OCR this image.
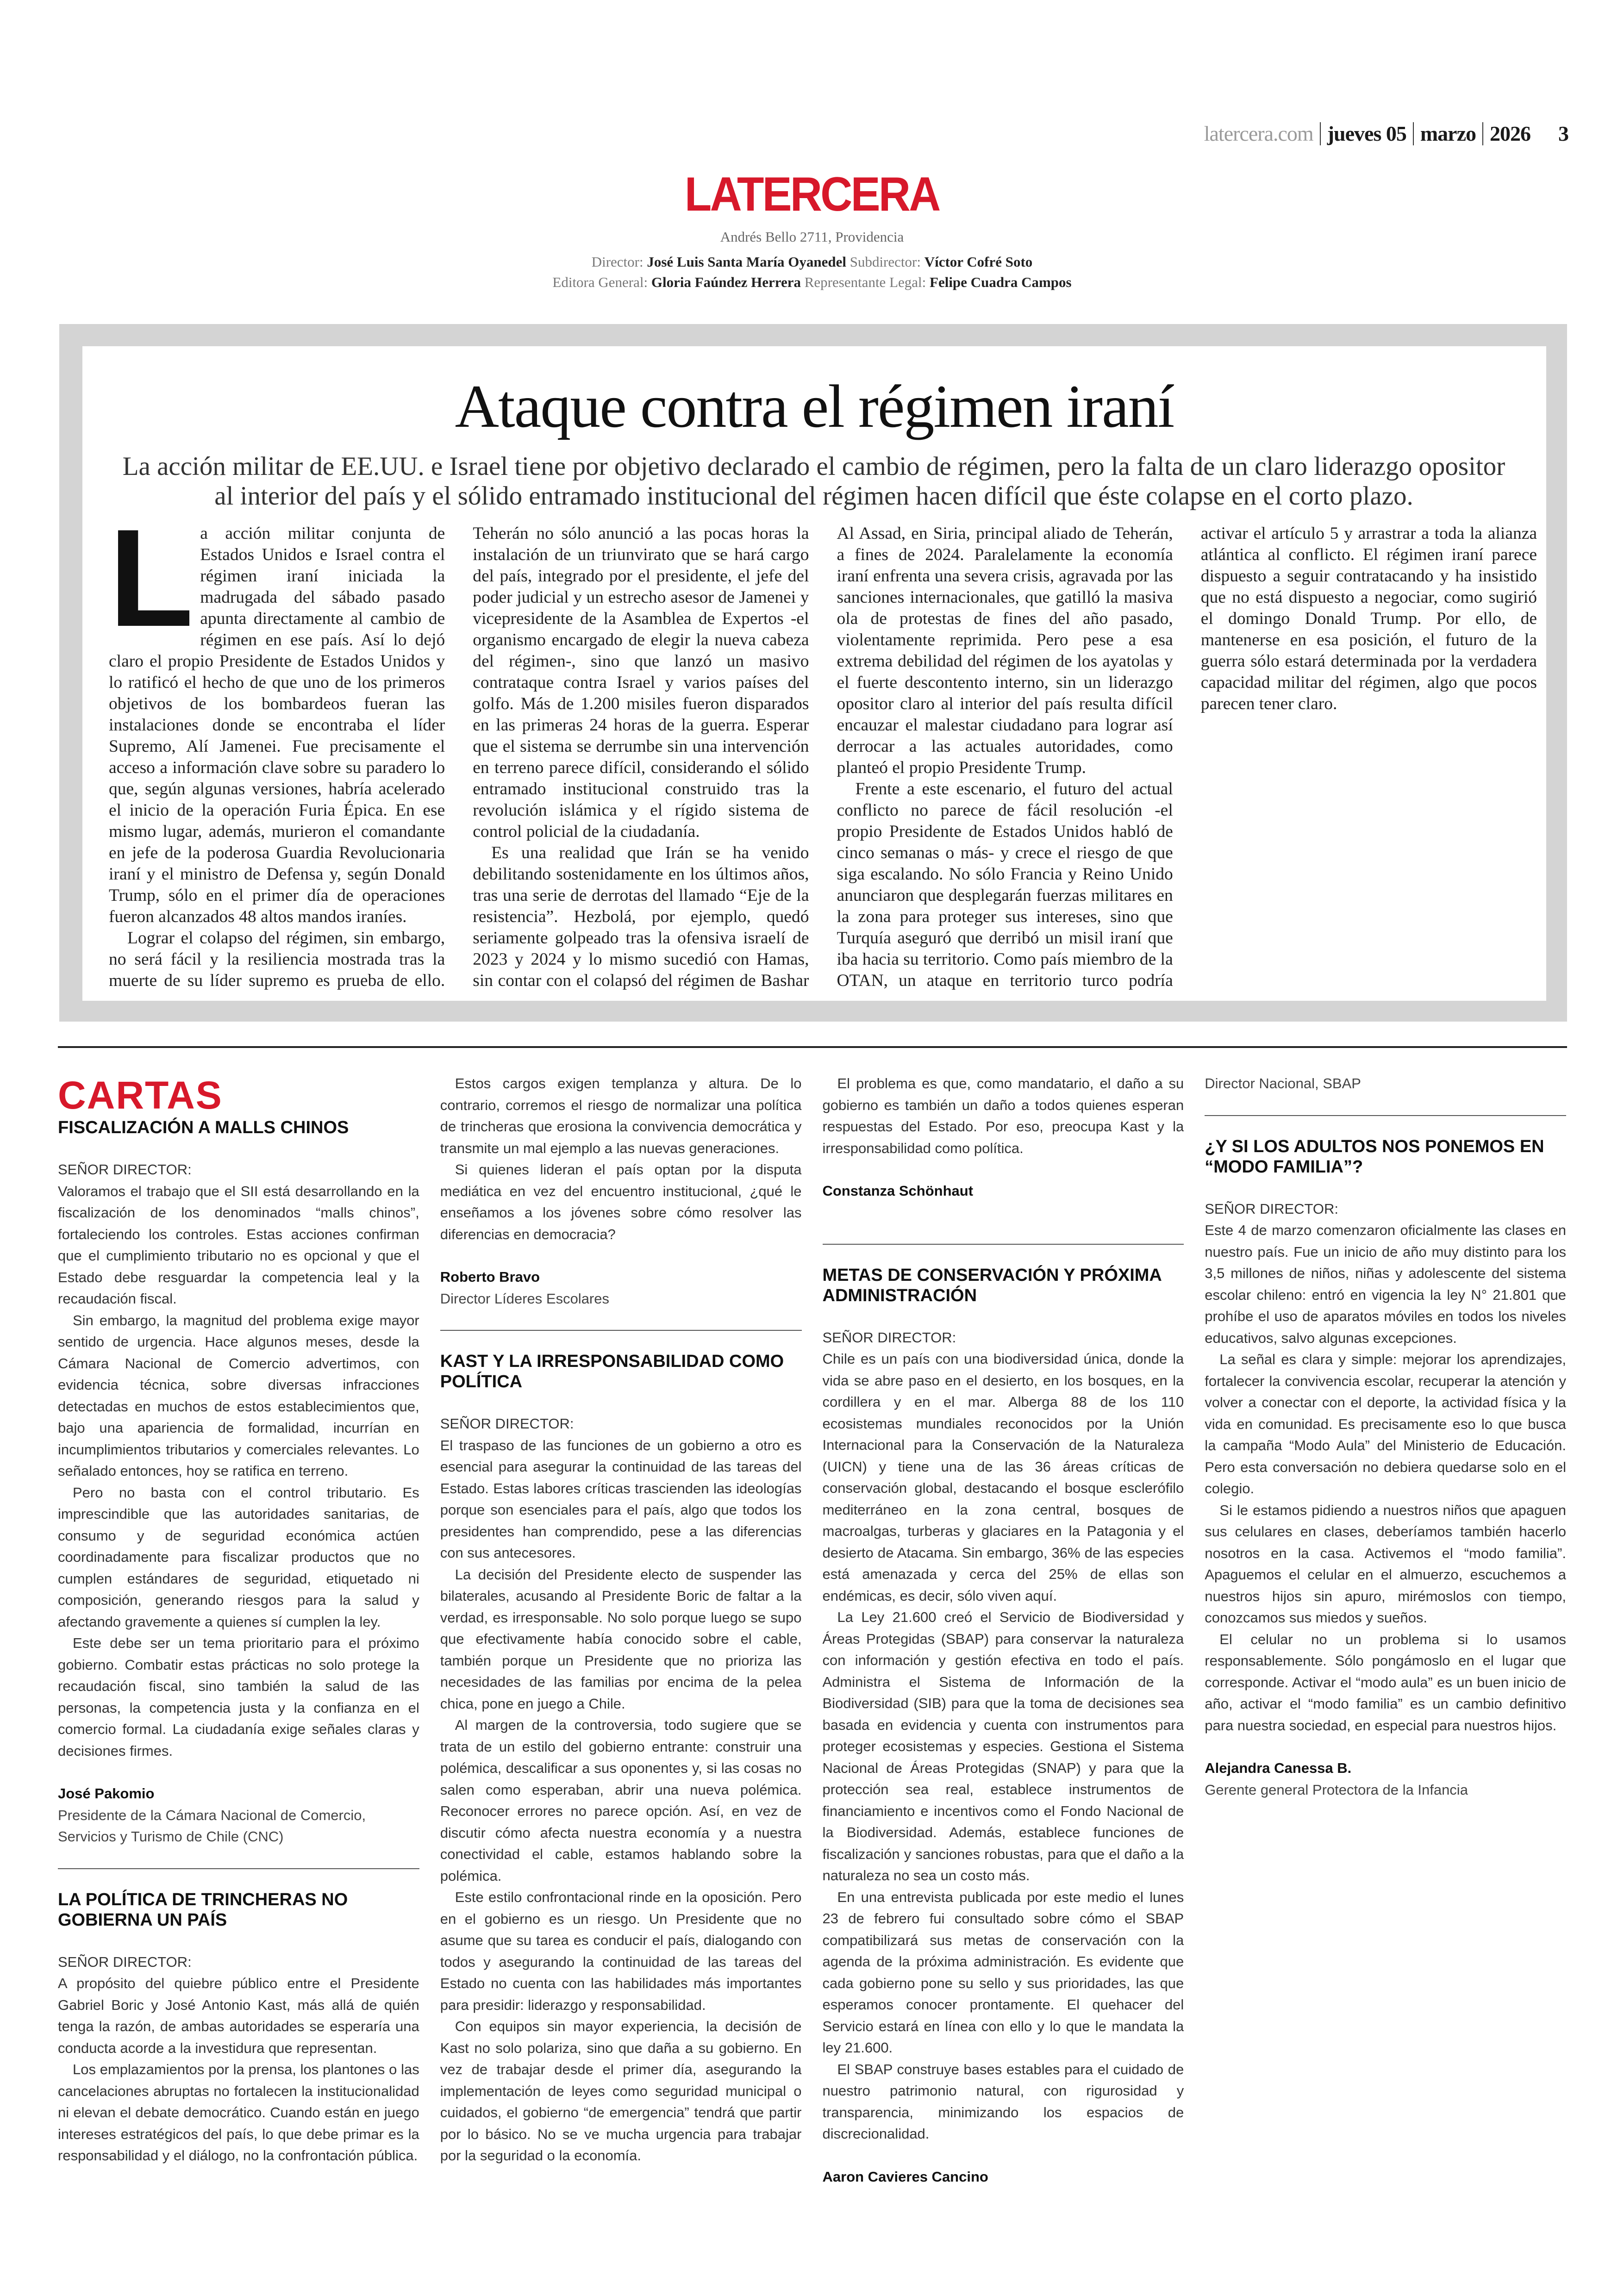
latercera.com jueves 05 marzo 2026 3
LATERCERA
Andrés Bello 2711, Providencia
Director: José Luis Santa María Oyanedel Subdirector: Víctor Cofré Soto
Editora General: Gloria Faúndez Herrera Representante Legal: Felipe Cuadra Campos
Ataque contra el régimen iraní
La acción militar de EE.UU. e Israel tiene por objetivo declarado el cambio de régimen, pero la falta de un claro liderazgo opositor al interior del país y el sólido entramado institucional del régimen hacen difícil que éste colapse en el corto plazo.

La acción militar conjunta de Estados Unidos e Israel contra el régimen iraní iniciada la madrugada del sábado pasado apunta directamente al cambio de régimen en ese país. Así lo dejó claro el propio Presidente de Estados Unidos y lo ratificó el hecho de que uno de los primeros objetivos de los bombardeos fueran las instalaciones donde se encontraba el líder Supremo, Alí Jamenei. Fue precisamente el acceso a información clave sobre su paradero lo que, según algunas versiones, habría acelerado el inicio de la operación Furia Épica. En ese mismo lugar, además, murieron el comandante en jefe de la poderosa Guardia Revolucionaria iraní y el ministro de Defensa y, según Donald Trump, sólo en el primer día de operaciones fueron alcanzados 48 altos mandos iraníes.

Lograr el colapso del régimen, sin embargo, no será fácil y la resiliencia mostrada tras la muerte de su líder supremo es prueba de ello. Teherán no sólo anunció a las pocas horas la instalación de un triunvirato que se hará cargo del país, integrado por el presidente, el jefe del poder judicial y un estrecho asesor de Jamenei y vicepresidente de la Asamblea de Expertos -el organismo encargado de elegir la nueva cabeza del régimen-, sino que lanzó un masivo contrataque contra Israel y varios países del golfo. Más de 1.200 misiles fueron disparados en las primeras 24 horas de la guerra. Esperar que el sistema se derrumbe sin una intervención en terreno parece difícil, considerando el sólido entramado institucional construido tras la revolución islámica y el rígido sistema de control policial de la ciudadanía.

Es una realidad que Irán se ha venido debilitando sostenidamente en los últimos años, tras una serie de derrotas del llamado “Eje de la resistencia”. Hezbolá, por ejemplo, quedó seriamente golpeado tras la ofensiva israelí de 2023 y 2024 y lo mismo sucedió con Hamas, sin contar con el colapsó del régimen de Bashar Al Assad, en Siria, principal aliado de Teherán, a fines de 2024. Paralelamente la economía iraní enfrenta una severa crisis, agravada por las sanciones internacionales, que gatilló la masiva ola de protestas de fines del año pasado, violentamente reprimida. Pero pese a esa extrema debilidad del régimen de los ayatolas y el fuerte descontento interno, sin un liderazgo opositor claro al interior del país resulta difícil encauzar el malestar ciudadano para lograr así derrocar a las actuales autoridades, como planteó el propio Presidente Trump.

Frente a este escenario, el futuro del actual conflicto no parece de fácil resolución -el propio Presidente de Estados Unidos habló de cinco semanas o más- y crece el riesgo de que siga escalando. No sólo Francia y Reino Unido anunciaron que desplegarán fuerzas militares en la zona para proteger sus intereses, sino que Turquía aseguró que derribó un misil iraní que iba hacia su territorio. Como país miembro de la OTAN, un ataque en territorio turco podría activar el artículo 5 y arrastrar a toda la alianza atlántica al conflicto. El régimen iraní parece dispuesto a seguir contratacando y ha insistido que no está dispuesto a negociar, como sugirió el domingo Donald Trump. Por ello, de mantenerse en esa posición, el futuro de la guerra sólo estará determinada por la verdadera capacidad militar del régimen, algo que pocos parecen tener claro.

CARTAS
FISCALIZACIÓN A MALLS CHINOS
SEÑOR DIRECTOR:

Valoramos el trabajo que el SII está desarrollando en la fiscalización de los denominados “malls chinos”, fortaleciendo los controles. Estas acciones confirman que el cumplimiento tributario no es opcional y que el Estado debe resguardar la competencia leal y la recaudación fiscal.

Sin embargo, la magnitud del problema exige mayor sentido de urgencia. Hace algunos meses, desde la Cámara Nacional de Comercio advertimos, con evidencia técnica, sobre diversas infracciones detectadas en muchos de estos establecimientos que, bajo una apariencia de formalidad, incurrían en incumplimientos tributarios y comerciales relevantes. Lo señalado entonces, hoy se ratifica en terreno.

Pero no basta con el control tributario. Es imprescindible que las autoridades sanitarias, de consumo y de seguridad económica actúen coordinadamente para fiscalizar productos que no cumplen estándares de seguridad, etiquetado ni composición, generando riesgos para la salud y afectando gravemente a quienes sí cumplen la ley.

Este debe ser un tema prioritario para el próximo gobierno. Combatir estas prácticas no solo protege la recaudación fiscal, sino también la salud de las personas, la competencia justa y la confianza en el comercio formal. La ciudadanía exige señales claras y decisiones firmes.

José Pakomio
Presidente de la Cámara Nacional de Comercio, Servicios y Turismo de Chile (CNC)
LA POLÍTICA DE TRINCHERAS NO GOBIERNA UN PAÍS
SEÑOR DIRECTOR:

A propósito del quiebre público entre el Presidente Gabriel Boric y José Antonio Kast, más allá de quién tenga la razón, de ambas autoridades se esperaría una conducta acorde a la investidura que representan.

Los emplazamientos por la prensa, los plantones o las cancelaciones abruptas no fortalecen la institucionalidad ni elevan el debate democrático. Cuando están en juego intereses estratégicos del país, lo que debe primar es la responsabilidad y el diálogo, no la confrontación pública.

Estos cargos exigen templanza y altura. De lo contrario, corremos el riesgo de normalizar una política de trincheras que erosiona la convivencia democrática y transmite un mal ejemplo a las nuevas generaciones.

Si quienes lideran el país optan por la disputa mediática en vez del encuentro institucional, ¿qué le enseñamos a los jóvenes sobre cómo resolver las diferencias en democracia?

Roberto Bravo
Director Líderes Escolares
KAST Y LA IRRESPONSABILIDAD COMO POLÍTICA
SEÑOR DIRECTOR:

El traspaso de las funciones de un gobierno a otro es esencial para asegurar la continuidad de las tareas del Estado. Estas labores críticas trascienden las ideologías porque son esenciales para el país, algo que todos los presidentes han comprendido, pese a las diferencias con sus antecesores.

La decisión del Presidente electo de suspender las bilaterales, acusando al Presidente Boric de faltar a la verdad, es irresponsable. No solo porque luego se supo que efectivamente había conocido sobre el cable, también porque un Presidente que no prioriza las necesidades de las familias por encima de la pelea chica, pone en juego a Chile.

Al margen de la controversia, todo sugiere que se trata de un estilo del gobierno entrante: construir una polémica, descalificar a sus oponentes y, si las cosas no salen como esperaban, abrir una nueva polémica. Reconocer errores no parece opción. Así, en vez de discutir cómo afecta nuestra economía y a nuestra conectividad el cable, estamos hablando sobre la polémica.

Este estilo confrontacional rinde en la oposición. Pero en el gobierno es un riesgo. Un Presidente que no asume que su tarea es conducir el país, dialogando con todos y asegurando la continuidad de las tareas del Estado no cuenta con las habilidades más importantes para presidir: liderazgo y responsabilidad.

Con equipos sin mayor experiencia, la decisión de Kast no solo polariza, sino que daña a su gobierno. En vez de trabajar desde el primer día, asegurando la implementación de leyes como seguridad municipal o cuidados, el gobierno “de emergencia” tendrá que partir por lo básico. No se ve mucha urgencia para trabajar por la seguridad o la economía.

El problema es que, como mandatario, el daño a su gobierno es también un daño a todos quienes esperan respuestas del Estado. Por eso, preocupa Kast y la irresponsabilidad como política.

Constanza Schönhaut
METAS DE CONSERVACIÓN Y PRÓXIMA ADMINISTRACIÓN
SEÑOR DIRECTOR:

Chile es un país con una biodiversidad única, donde la vida se abre paso en el desierto, en los bosques, en la cordillera y en el mar. Alberga 88 de los 110 ecosistemas mundiales reconocidos por la Unión Internacional para la Conservación de la Naturaleza (UICN) y tiene una de las 36 áreas críticas de conservación global, destacando el bosque esclerófilo mediterráneo en la zona central, bosques de macroalgas, turberas y glaciares en la Patagonia y el desierto de Atacama. Sin embargo, 36% de las especies está amenazada y cerca del 25% de ellas son endémicas, es decir, sólo viven aquí.

La Ley 21.600 creó el Servicio de Biodiversidad y Áreas Protegidas (SBAP) para conservar la naturaleza con información y gestión efectiva en todo el país. Administra el Sistema de Información de la Biodiversidad (SIB) para que la toma de decisiones sea basada en evidencia y cuenta con instrumentos para proteger ecosistemas y especies. Gestiona el Sistema Nacional de Áreas Protegidas (SNAP) y para que la protección sea real, establece instrumentos de financiamiento e incentivos como el Fondo Nacional de la Biodiversidad. Además, establece funciones de fiscalización y sanciones robustas, para que el daño a la naturaleza no sea un costo más.

En una entrevista publicada por este medio el lunes 23 de febrero fui consultado sobre cómo el SBAP compatibilizará sus metas de conservación con la agenda de la próxima administración. Es evidente que cada gobierno pone su sello y sus prioridades, las que esperamos conocer prontamente. El quehacer del Servicio estará en línea con ello y lo que le mandata la ley 21.600.

El SBAP construye bases estables para el cuidado de nuestro patrimonio natural, con rigurosidad y transparencia, minimizando los espacios de discrecionalidad.

Aaron Cavieres Cancino
Director Nacional, SBAP
¿Y SI LOS ADULTOS NOS PONEMOS EN “MODO FAMILIA”?
SEÑOR DIRECTOR:

Este 4 de marzo comenzaron oficialmente las clases en nuestro país. Fue un inicio de año muy distinto para los 3,5 millones de niños, niñas y adolescente del sistema escolar chileno: entró en vigencia la ley N° 21.801 que prohíbe el uso de aparatos móviles en todos los niveles educativos, salvo algunas excepciones.

La señal es clara y simple: mejorar los aprendizajes, fortalecer la convivencia escolar, recuperar la atención y volver a conectar con el deporte, la actividad física y la vida en comunidad. Es precisamente eso lo que busca la campaña “Modo Aula” del Ministerio de Educación. Pero esta conversación no debiera quedarse solo en el colegio.

Si le estamos pidiendo a nuestros niños que apaguen sus celulares en clases, deberíamos también hacerlo nosotros en la casa. Activemos el “modo familia”. Apaguemos el celular en el almuerzo, escuchemos a nuestros hijos sin apuro, mirémoslos con tiempo, conozcamos sus miedos y sueños.

El celular no un problema si lo usamos responsablemente. Sólo pongámoslo en el lugar que corresponde. Activar el “modo aula” es un buen inicio de año, activar el “modo familia” es un cambio definitivo para nuestra sociedad, en especial para nuestros hijos.

Alejandra Canessa B.
Gerente general Protectora de la Infancia
